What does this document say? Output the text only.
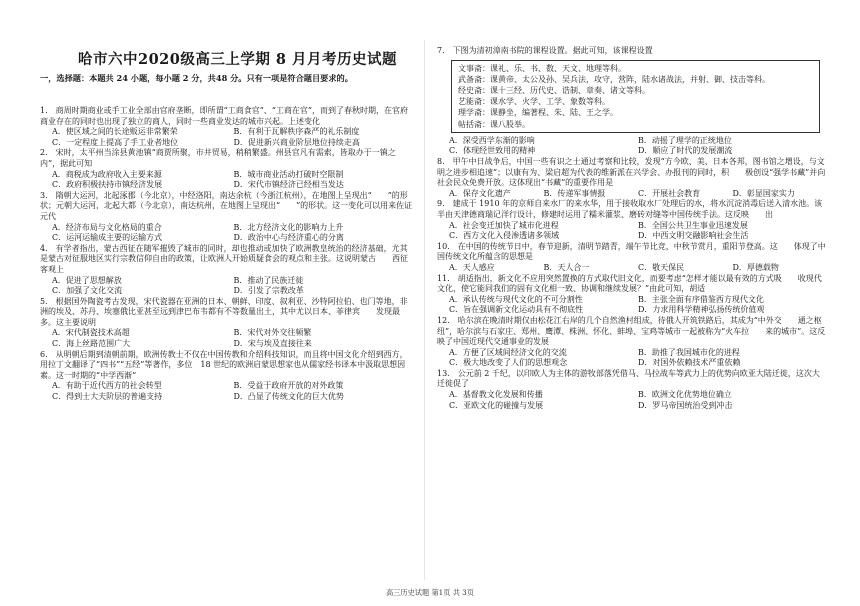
哈市六中2020级高三上学期 8 月月考历史试题
一，选择题：本题共 24 小题，每小题 2 分，共48 分。只有一项是符合题目要求的。
1.　商周时期商业或手工业全部由官府垄断，即所谓“工商食官”、“工商在官”，而到了春秋时期，在官府商业存在的同时也出现了独立的商人，同时一些商业发达的城市兴起。上述变化
A．使区域之间的长途贩运非常繁荣	B．有利于瓦解秩序森严的礼乐制度
C．一定程度上提高了手工业者地位	D．促进新兴商业阶层地位持续走高
2.　宋时，太平州当涂县黄池镇“商贾所聚，市井贸易，稍稍繁盛。州县官凡有需索，皆取办于一镇之内”，据此可知
A．商税成为政府收入主要来源	B．城市商业活动打破时空限制
C．政府积极扶持市镇经济发展	D．宋代市镇经济已经相当发达
3.　隋朝大运河，北起涿郡（今北京），中经洛阳，南达余杭（今浙江杭州），在地图上呈现出“　　”的形状；元朝大运河，北起大都（今北京），南达杭州，在地图上呈现出“　　”的形状。这一变化可以用来佐证元代
A．经济布局与文化格局的重合	B．北方经济文化的影响力上升
C．运河运输成主要的运输方式	D．政治中心与经济重心的分离
4.　有学者指出，蒙古西征在随军摧毁了城市的同时，却也推动或加快了欧洲教皇统治的经济基础，尤其是蒙古对征服地区实行宗教信仰自由的政策，让欧洲人开始质疑食会的观点和主张。这说明蒙古　　西征客观上
A．促进了思想解放	B．推动了民族迁徙
C．加强了文化交流	D．引发了宗教改革
5.　根据国外陶瓷考古发现，宋代瓷器在亚洲的日本、朝鲜、印度、叙利亚、沙特阿拉伯、也门等地，非洲的埃及、苏丹、埃塞俄比亚甚至远到津巴布韦都有不等数量出土，其中尤以日本、菲律宾　　发现最多。这主要说明
A．宋代制瓷技术高超	B．宋代对外交往频繁
C．海上丝路范围广大	D．宋与埃及直接往来
6.　从明朝后期到清朝前期，欧洲传教士不仅在中国传教和介绍科技知识，而且将中国文化介绍到西方，用拉丁文翻译了“四书”“五经”等著作，多位　18 世纪的欧洲启蒙思想家也从儒家经书译本中汲取思想因素。这一时期的“中学西渐”
A．有助于近代西方的社会转型	B．受益于政府开放的对外政策
C．得到士大夫阶层的普遍支持	D．凸显了传统文化的巨大优势
7.　下图为清初漳南书院的课程设置。据此可知，该课程设置
文事斋：课礼、乐、书、数、天文、地理等科。
武备斋：课黄帝、太公及孙、吴兵法，攻守，营阵，陆水诸战法，并射、御、技击等科。
经史斋：课十三经、历代史、诰制、章奏、诸文等科。
艺能斋：课水学、火学、工学、象数等科。
理学斋：课静坐，编著程、朱、陆、王之学。
帖括斋：课八股举。
A．深受西学东渐的影响	B．动摇了理学的正统地位
C．体现经世致用的精神	D．顺应了时代的发展潮流
8.　甲午中日战争后，中国一些有识之士通过考察和比较，发现“方今欧、美、日本各邦，图书馆之增设，与文明之进步相追速”；以康有为、梁启超为代表的维新派在兴学会、办报刊的同时，积　　极创设“强学书藏”并向社会民众免费开放。这体现出“书藏”的重要作用是
A．保存文化遗产	B．传递军事情报	C．开展社会教育	D．彰显国家实力
9.　建成于 1910 年的京师自来水厂的来水华，用于接收取水厂处理后的水，将水沉淀消毒后送入清水池。该半由天津德商瑞记洋行设计，修建时运用了糯米灌浆、磨砖对缝等中国传统手法。这反映　　出
A．社会变迁加快了城市化进程	B．全国公共卫生事业迅速发展
C．西方文化入侵渗透诸多领域	D．中西文明交融影响社会生活
10.　在中国的传统节日中，春节迎新，清明节踏青，端午节比竞，中秋节赏月，重阳节登高。这　　体现了中国传统文化所蕴含的思想是
A．天人感应	B．天人合一	C．敬天保民	D．厚德载物
11.　胡适指出，新文化不应用突然置换的方式取代旧文化，而要考虑“怎样才能以最有效的方式吸　　收现代文化，使它能同我们的固有文化相一致、协调和继续发展？”由此可知，胡适
A．承认传统与现代文化的不可分割性	B．主张全面有序借鉴西方现代文化
C．旨在强调新文化运动具有不彻底性	D．力求用科学精神弘扬传统价值观
12.　哈尔滨在晚清时期仅由松花江右岸的几个自然渔村组成，待俄人开筑铁路后，其成为“中外交　　通之枢纽”，哈尔滨与石家庄、郑州、鹰潭、株洲、怀化、蚌埠、宝鸡等城市一起被称为“火车拉　　来的城市”。这反映了中国近现代交通事业的发展
A．方便了区域间经济文化的交流	B．助推了我国城市化的进程
C．极大地改变了人们的思想观念	D．对国外依赖技术严重依赖
13.　公元前 2 千纪，以印欧人为主体的游牧部落凭借马、马拉战车等武力上的优势向欧亚大陆迁徙，这次大迁徙促了
A．基督教文化发展和传播	B．欧洲文化优势地位确立
C．亚欧文化的碰撞与发展	D．罗马帝国统治受到冲击
高三历史试题 第1页 共 3页
